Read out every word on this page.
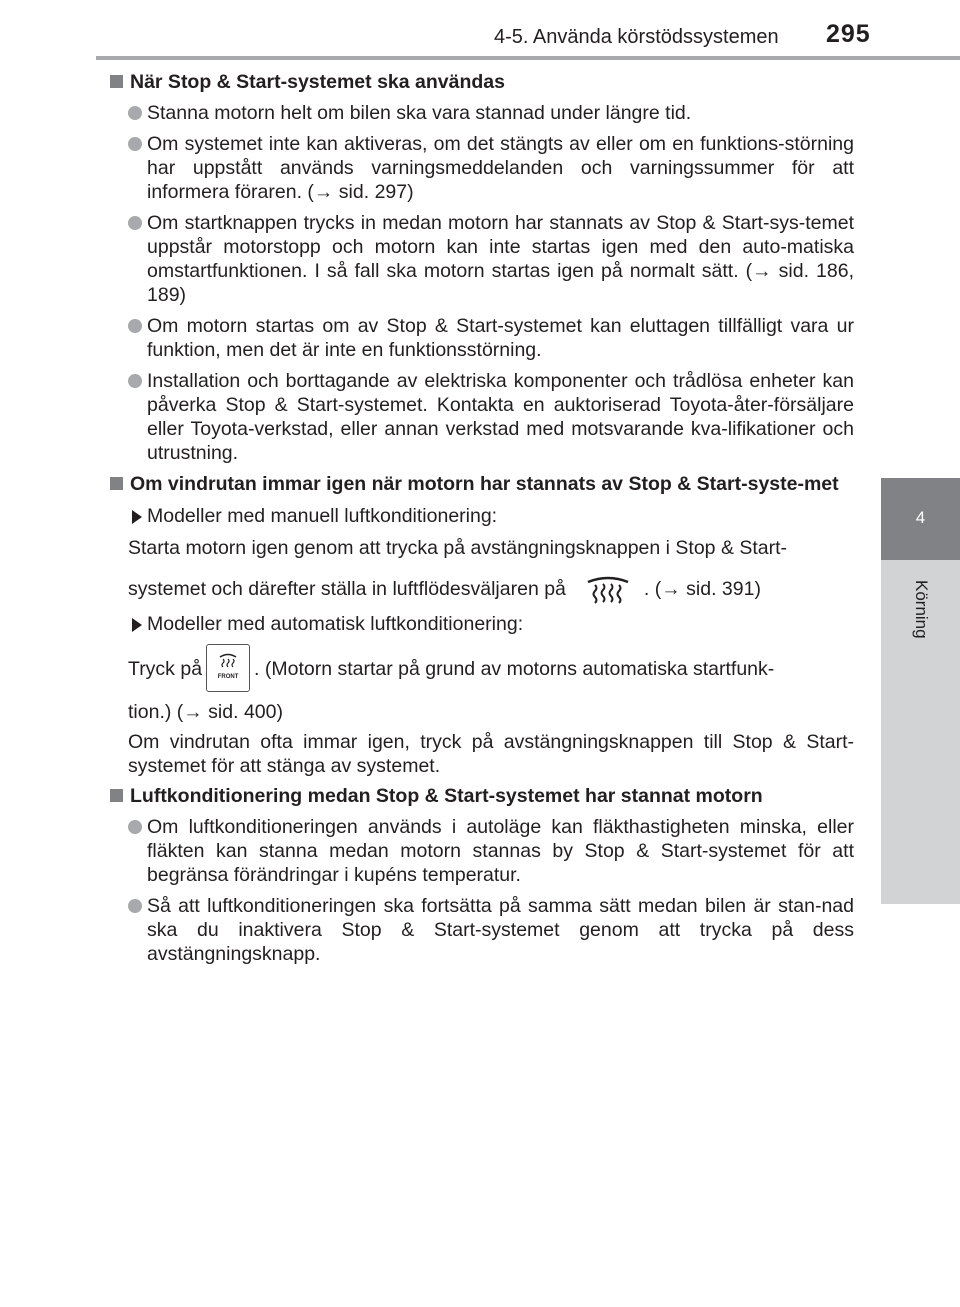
4-5. Använda körstödssystemen 295
4
Körning
När Stop & Start-systemet ska användas
Stanna motorn helt om bilen ska vara stannad under längre tid.
Om systemet inte kan aktiveras, om det stängts av eller om en funktions-störning har uppstått används varningsmeddelanden och varningssummer för att informera föraren. (→ sid. 297)
Om startknappen trycks in medan motorn har stannats av Stop & Start-sys-temet uppstår motorstopp och motorn kan inte startas igen med den auto-matiska omstartfunktionen. I så fall ska motorn startas igen på normalt sätt. (→ sid. 186, 189)
Om motorn startas om av Stop & Start-systemet kan eluttagen tillfälligt vara ur funktion, men det är inte en funktionsstörning.
Installation och borttagande av elektriska komponenter och trådlösa enheter kan påverka Stop & Start-systemet. Kontakta en auktoriserad Toyota-åter-försäljare eller Toyota-verkstad, eller annan verkstad med motsvarande kva-lifikationer och utrustning.
Om vindrutan immar igen när motorn har stannats av Stop & Start-syste-met
Modeller med manuell luftkonditionering:
Starta motorn igen genom att trycka på avstängningsknappen i Stop & Start-
systemet och därefter ställa in luftflödesväljaren på	. (→ sid. 391)
Modeller med automatisk luftkonditionering:
Tryck på	FRONT . (Motorn startar på grund av motorns automatiska startfunk-
tion.) (→ sid. 400)
Om vindrutan ofta immar igen, tryck på avstängningsknappen till Stop & Start-systemet för att stänga av systemet.
Luftkonditionering medan Stop & Start-systemet har stannat motorn
Om luftkonditioneringen används i autoläge kan fläkthastigheten minska, eller fläkten kan stanna medan motorn stannas by Stop & Start-systemet för att begränsa förändringar i kupéns temperatur.
Så att luftkonditioneringen ska fortsätta på samma sätt medan bilen är stan-nad ska du inaktivera Stop & Start-systemet genom att trycka på dess avstängningsknapp.
